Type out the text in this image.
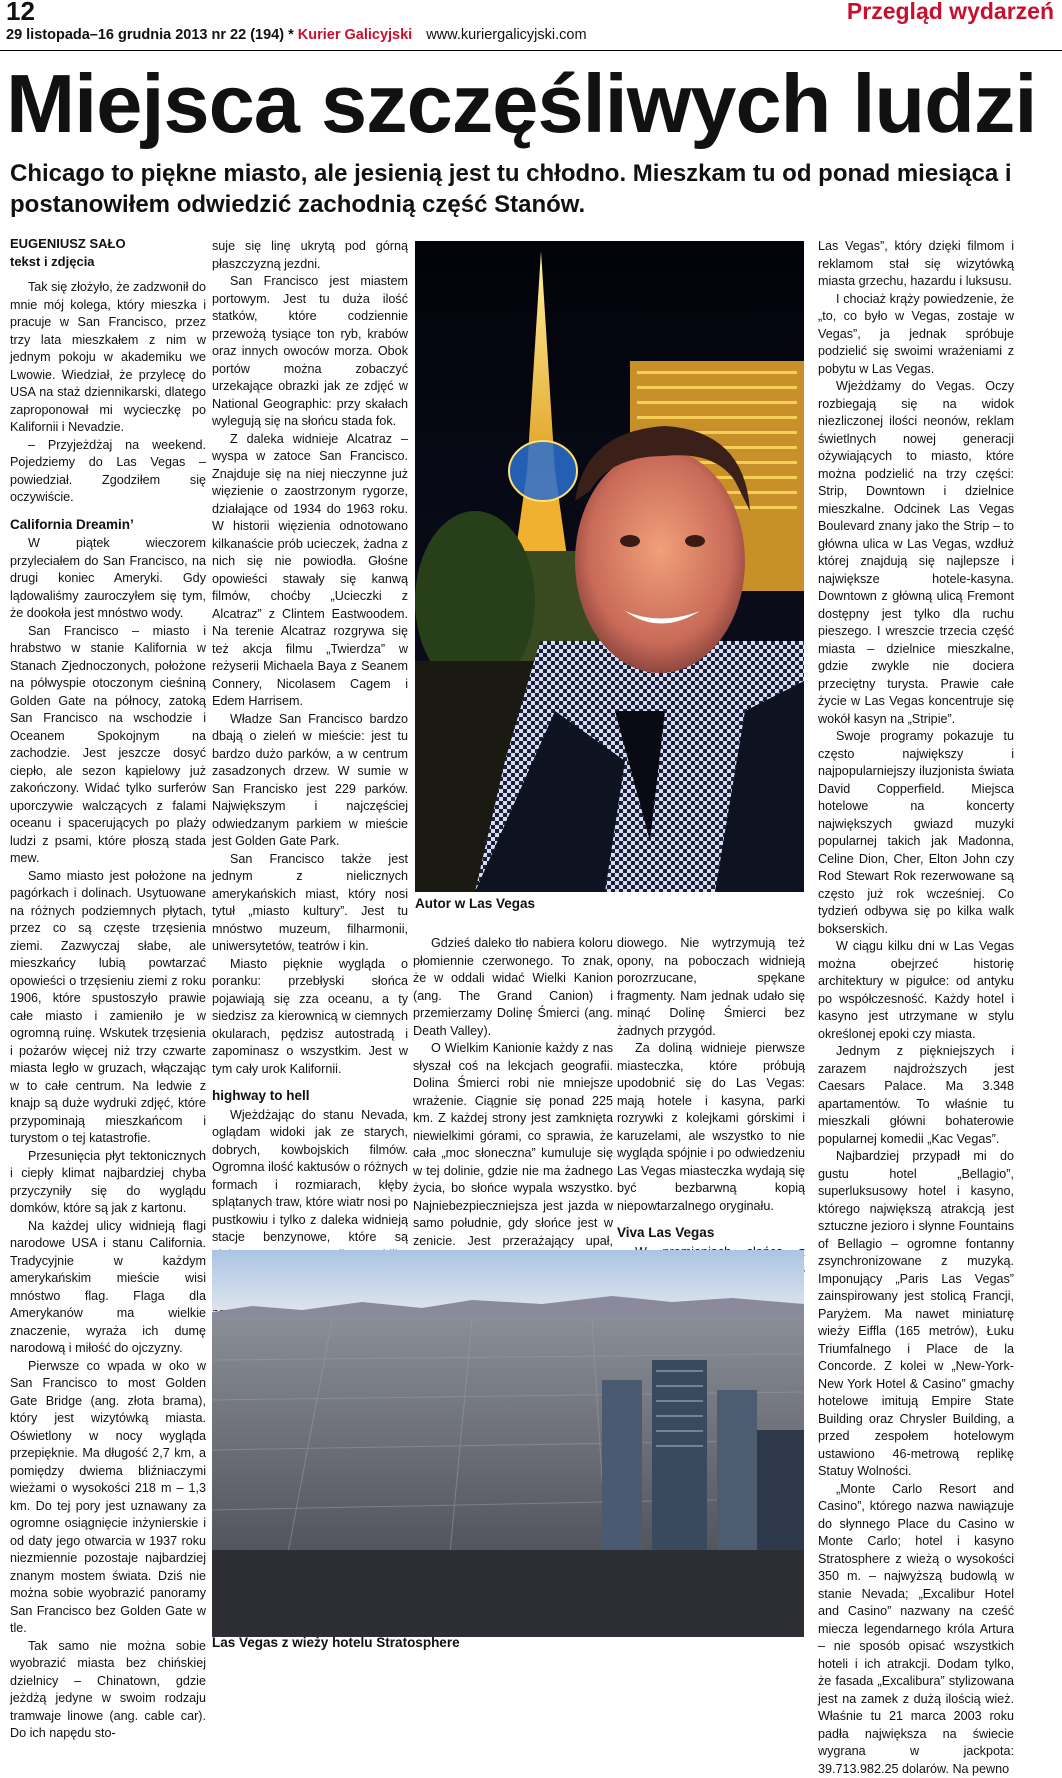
12
29 listopada–16 grudnia 2013 nr 22 (194) * Kurier Galicyjski www.kuriergalicyjski.com
Przegląd wydarzeń
Miejsca szczęśliwych ludzi
Chicago to piękne miasto, ale jesienią jest tu chłodno. Mieszkam tu od ponad miesiąca i postanowiłem odwiedzić zachodnią część Stanów.
EUGENIUSZ SAŁO
tekst i zdjęcia

Tak się złożyło, że zadzwonił do mnie mój kolega, który mieszka i pracuje w San Francisco, przez trzy lata mieszkałem z nim w jednym pokoju w akademiku we Lwowie. Wiedział, że przylecę do USA na staż dziennikarski, dlatego zaproponował mi wycieczkę po Kalifornii i Nevadzie.

– Przyjeżdżaj na weekend. Pojedziemy do Las Vegas – powiedział. Zgodziłem się oczywiście.

California Dreamin’

W piątek wieczorem przyleciałem do San Francisco, na drugi koniec Ameryki. Gdy lądowaliśmy zauroczyłem się tym, że dookoła jest mnóstwo wody.

San Francisco – miasto i hrabstwo w stanie Kalifornia w Stanach Zjednoczonych, położone na półwyspie otoczonym cieśniną Golden Gate na północy, zatoką San Francisco na wschodzie i Oceanem Spokojnym na zachodzie. Jest jeszcze dosyć ciepło, ale sezon kąpielowy już zakończony. Widać tylko surferów uporczywie walczących z falami oceanu i spacerujących po plaży ludzi z psami, które płoszą stada mew.

Samo miasto jest położone na pagórkach i dolinach. Usytuowane na różnych podziemnych płytach, przez co są częste trzęsienia ziemi. Zazwyczaj słabe, ale mieszkańcy lubią powtarzać opowieści o trzęsieniu ziemi z roku 1906, które spustoszyło prawie całe miasto i zamieniło je w ogromną ruinę. Wskutek trzęsienia i pożarów więcej niż trzy czwarte miasta legło w gruzach, włączając w to całe centrum. Na ledwie z knajp są duże wydruki zdjęć, które przypominają mieszkańcom i turystom o tej katastrofie.

Przesunięcia płyt tektonicznych i ciepły klimat najbardziej chyba przyczyniły się do wyglądu domków, które są jak z kartonu.

Na każdej ulicy widnieją flagi narodowe USA i stanu California. Tradycyjnie w każdym amerykańskim mieście wisi mnóstwo flag. Flaga dla Amerykanów ma wielkie znaczenie, wyraża ich dumę narodową i miłość do ojczyzny.

Pierwsze co wpada w oko w San Francisco to most Golden Gate Bridge (ang. złota brama), który jest wizytówką miasta. Oświetlony w nocy wygląda przepięknie. Ma długość 2,7 km, a pomiędzy dwiema bliźniaczymi wieżami o wysokości 218 m – 1,3 km. Do tej pory jest uznawany za ogromne osiągnięcie inżynierskie i od daty jego otwarcia w 1937 roku niezmiennie pozostaje najbardziej znanym mostem świata. Dziś nie można sobie wyobrazić panoramy San Francisco bez Golden Gate w tle.

Tak samo nie można sobie wyobrazić miasta bez chińskiej dzielnicy – Chinatown, gdzie jeżdżą jedyne w swoim rodzaju tramwaje linowe (ang. cable car). Do ich napędu sto-

suje się linę ukrytą pod górną płaszczyzną jezdni.

San Francisco jest miastem portowym. Jest tu duża ilość statków, które codziennie przewożą tysiące ton ryb, krabów oraz innych owoców morza. Obok portów można zobaczyć urzekające obrazki jak ze zdjęć w National Geographic: przy skałach wylegują się na słońcu stada fok.

Z daleka widnieje Alcatraz – wyspa w zatoce San Francisco. Znajduje się na niej nieczynne już więzienie o zaostrzonym rygorze, działające od 1934 do 1963 roku. W historii więzienia odnotowano kilkanaście prób ucieczek, żadna z nich się nie powiodła. Głośne opowieści stawały się kanwą filmów, choćby „Ucieczki z Alcatraz” z Clintem Eastwoodem. Na terenie Alcatraz rozgrywa się też akcja filmu „Twierdza” w reżyserii Michaela Baya z Seanem Connery, Nicolasem Cagem i Edem Harrisem.

Władze San Francisco bardzo dbają o zieleń w mieście: jest tu bardzo dużo parków, a w centrum zasadzonych drzew. W sumie w San Francisko jest 229 parków. Największym i najczęściej odwiedzanym parkiem w mieście jest Golden Gate Park.

San Francisco także jest jednym z nielicznych amerykańskich miast, który nosi tytuł „miasto kultury”. Jest tu mnóstwo muzeum, filharmonii, uniwersytetów, teatrów i kin.

Miasto pięknie wygląda o poranku: przebłyski słońca pojawiają się zza oceanu, a ty siedzisz za kierownicą w ciemnych okularach, pędzisz autostradą i zapominasz o wszystkim. Jest w tym cały urok Kalifornii.

highway to hell

Wjeżdżając do stanu Nevada, oglądam widoki jak ze starych, dobrych, kowbojskich filmów. Ogromna ilość kaktusów o różnych formach i rozmiarach, kłęby splątanych traw, które wiatr nosi po pustkowiu i tylko z daleka widnieją stacje benzynowe, które są

Autor w Las Vegas

Gdzieś daleko tło nabiera koloru płomiennie czerwonego. To znak, że w oddali widać Wielki Kanion (ang. The Grand Canion) i przemierzamy Dolinę Śmierci (ang. Death Valley).

O Wielkim Kanionie każdy z nas słyszał coś na lekcjach geografii. Dolina Śmierci robi nie mniejsze wrażenie. Ciągnie się ponad 225 km. Z każdej strony jest zamknięta niewielkimi górami, co sprawia, że cała „moc słoneczna” kumuluje się w tej dolinie, gdzie nie ma żadnego życia, bo słońce wypala wszystko. Najniebezpieczniejsza jest jazda w samo południe, gdy słońce jest w zenicie. Jest przerażający upał,

diowego. Nie wytrzymują też opony, na poboczach widnieją porozrzucane, spękane fragmenty. Nam jednak udało się minąć Dolinę Śmierci bez żadnych przygód.

Za doliną widnieje pierwsze miasteczka, które próbują upodobnić się do Las Vegas: mają hotele i kasyna, parki rozrywki z kolejkami górskimi i karuzelami, ale wszystko to nie wygląda spójnie i po odwiedzeniu Las Vegas miasteczka wydają się być bezbarwną kopią niepowtarzalnego oryginału.

Viva Las Vegas

Las Vegas”, który dzięki filmom i reklamom stał się wizytówką miasta grzechu, hazardu i luksusu.

I chociaż krąży powiedzenie, że „to, co było w Vegas, zostaje w Vegas”, ja jednak spróbuje podzielić się swoimi wrażeniami z pobytu w Las Vegas.

Wjeżdżamy do Vegas. Oczy rozbiegają się na widok niezliczonej ilości neonów, reklam świetlnych nowej generacji ożywiających to miasto, które można podzielić na trzy części: Strip, Downtown i dzielnice mieszkalne. Odcinek Las Vegas Boulevard znany jako the Strip – to główna ulica w Las Vegas, wzdłuż której znajdują się najlepsze i największe hotele-kasyna. Downtown z główną ulicą Fremont dostępny jest tylko dla ruchu pieszego. I wreszcie trzecia część miasta – dzielnice mieszkalne, gdzie zwykle nie dociera przeciętny turysta. Prawie całe życie w Las Vegas koncentruje się wokół kasyn na „Stripie”.

Swoje programy pokazuje tu często największy i najpopularniejszy iluzjonista świata David Copperfield. Miejsca hotelowe na koncerty największych gwiazd muzyki popularnej takich jak Madonna, Celine Dion, Cher, Elton John czy Rod Stewart Rok rezerwowane są często już rok wcześniej. Co tydzień odbywa się po kilka walk bokserskich.

W ciągu kilku dni w Las Vegas można obejrzeć historię architektury w pigułce: od antyku po współczesność. Każdy hotel i kasyno jest utrzymane w stylu określonej epoki czy miasta.

Jednym z piękniejszych i zarazem najdroższych jest Caesars Palace. Ma 3.348 apartamentów. To właśnie tu mieszkali główni bohaterowie popularnej komedii „Kac Vegas”.

Najbardziej przypadł mi do gustu hotel „Bellagio”, superluksusowy hotel i kasyno, którego największą atrakcją jest sztuczne jezioro i słynne Fountains of Bellagio – ogromne fontanny zsynchronizowane z muzyką. Imponujący „Paris Las Vegas” zainspirowany jest stolicą Francji, Paryżem. Ma nawet miniaturę wieży Eiffla (165 metrów), Łuku Triumfalnego i Place de la Concorde. Z kolei w „New-York-New York Hotel & Casino” gmachy hotelowe imitują Empire State Building oraz Chrysler Building, a przed zespołem hotelowym ustawiono 46-metrową replikę Statuy Wolności.

„Monte Carlo Resort and Casino”, którego nazwa nawiązuje do słynnego Place du Casino w Monte Carlo; hotel i kasyno Stratosphere z wieżą o wysokości 350 m. – najwyższą budowlą w stanie Nevada; „Excalibur Hotel and Casino” nazwany na cześć miecza legendarnego króla Artura – nie sposób opisać wszystkich hoteli i ich atrakcji. Dodam tylko, że fasada „Excalibura” stylizowana jest na zamek z dużą ilością wież. Właśnie tu 21 marca 2003 roku padła największa na świecie wygrana w jackpota: 39.713.982.25 dolarów. Na pewno

Las Vegas z wieży hotelu Stratosphere
